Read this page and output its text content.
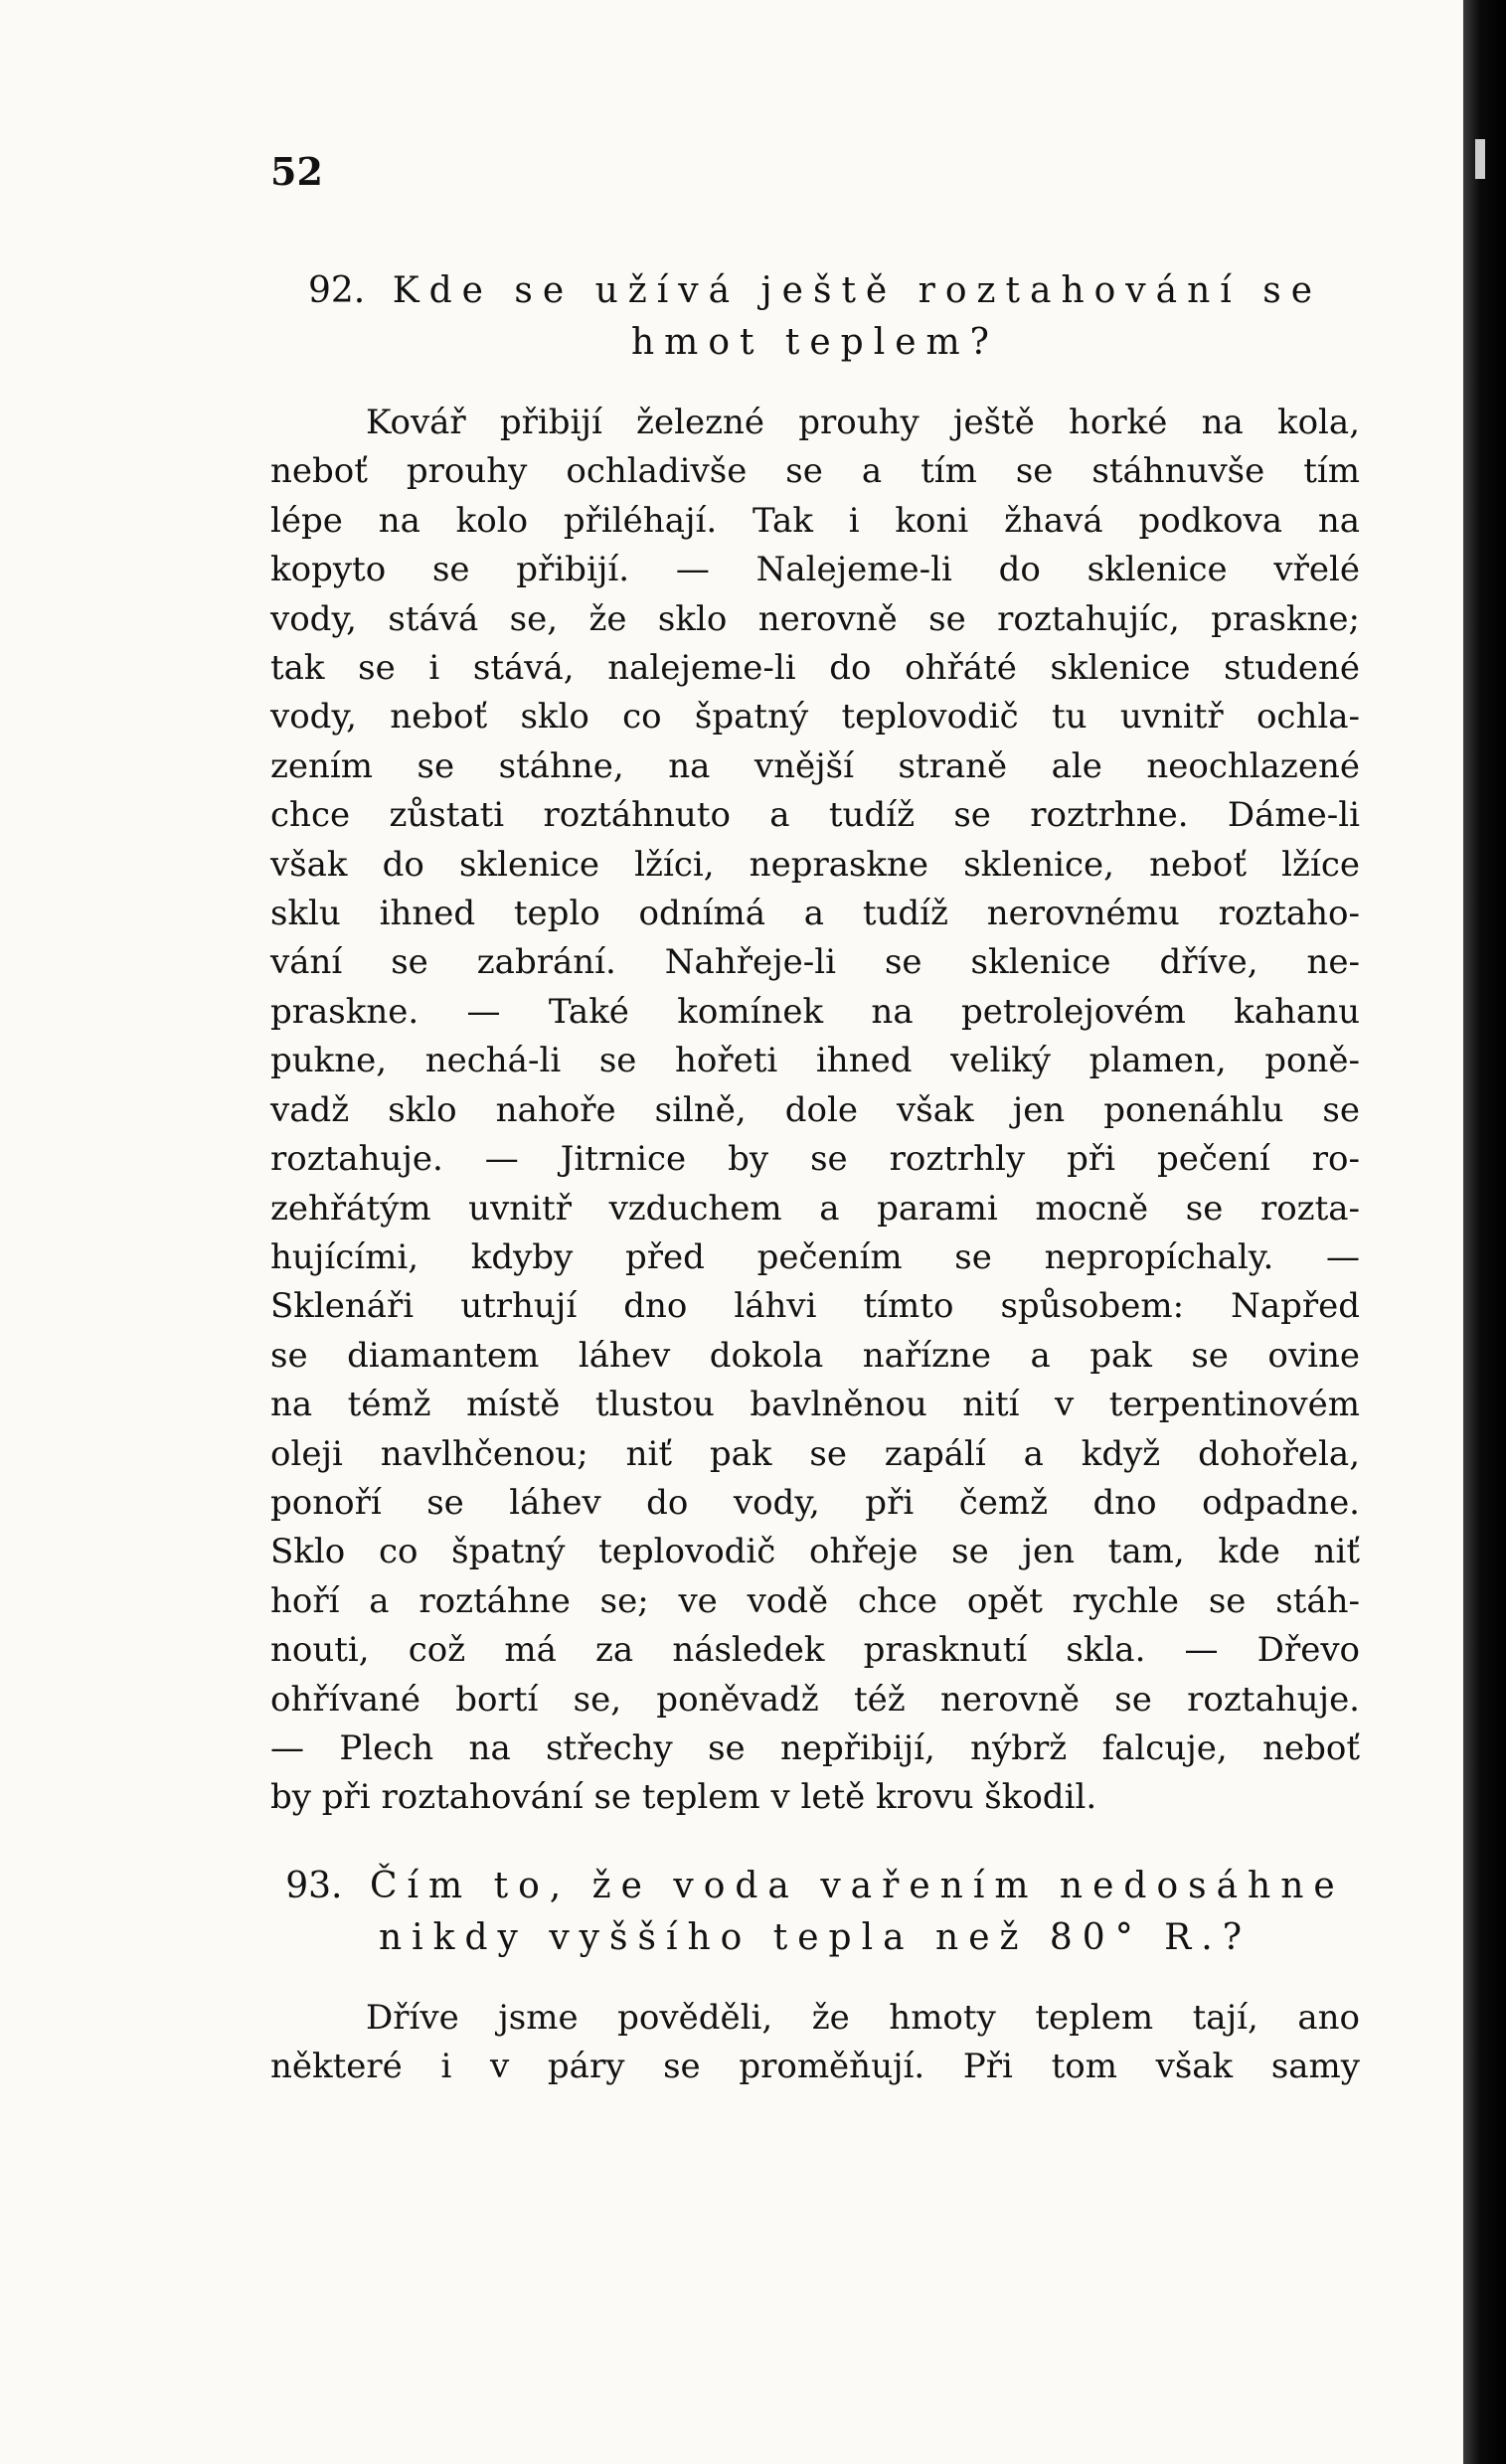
52
92. Kde se užívá ještě roztahování se
hmot teplem?
Kovář přibijí železné prouhy ještě horké na kola,
neboť prouhy ochladivše se a tím se stáhnuvše tím
lépe na kolo přiléhají. Tak i koni žhavá podkova na
kopyto se přibijí. — Nalejeme-li do sklenice vřelé
vody, stává se, že sklo nerovně se roztahujíc, praskne;
tak se i stává, nalejeme-li do ohřáté sklenice studené
vody, neboť sklo co špatný teplovodič tu uvnitř ochla-
zením se stáhne, na vnější straně ale neochlazené
chce zůstati roztáhnuto a tudíž se roztrhne. Dáme-li
však do sklenice lžíci, nepraskne sklenice, neboť lžíce
sklu ihned teplo odnímá a tudíž nerovnému roztaho-
vání se zabrání. Nahřeje-li se sklenice dříve, ne-
praskne. — Také komínek na petrolejovém kahanu
pukne, nechá-li se hořeti ihned veliký plamen, poně-
vadž sklo nahoře silně, dole však jen ponenáhlu se
roztahuje. — Jitrnice by se roztrhly při pečení ro-
zehřátým uvnitř vzduchem a parami mocně se rozta-
hujícími, kdyby před pečením se nepropíchaly. —
Sklenáři utrhují dno láhvi tímto spůsobem: Napřed
se diamantem láhev dokola nařízne a pak se ovine
na témž místě tlustou bavlněnou nití v terpentinovém
oleji navlhčenou; niť pak se zapálí a když dohořela,
ponoří se láhev do vody, při čemž dno odpadne.
Sklo co špatný teplovodič ohřeje se jen tam, kde niť
hoří a roztáhne se; ve vodě chce opět rychle se stáh-
nouti, což má za následek prasknutí skla. — Dřevo
ohřívané bortí se, poněvadž též nerovně se roztahuje.
— Plech na střechy se nepřibijí, nýbrž falcuje, neboť
by při roztahování se teplem v letě krovu škodil.
93. Čím to, že voda vařením nedosáhne
nikdy vyššího tepla než 80° R.?
Dříve jsme pověděli, že hmoty teplem tají, ano
některé i v páry se proměňují. Při tom však samy
